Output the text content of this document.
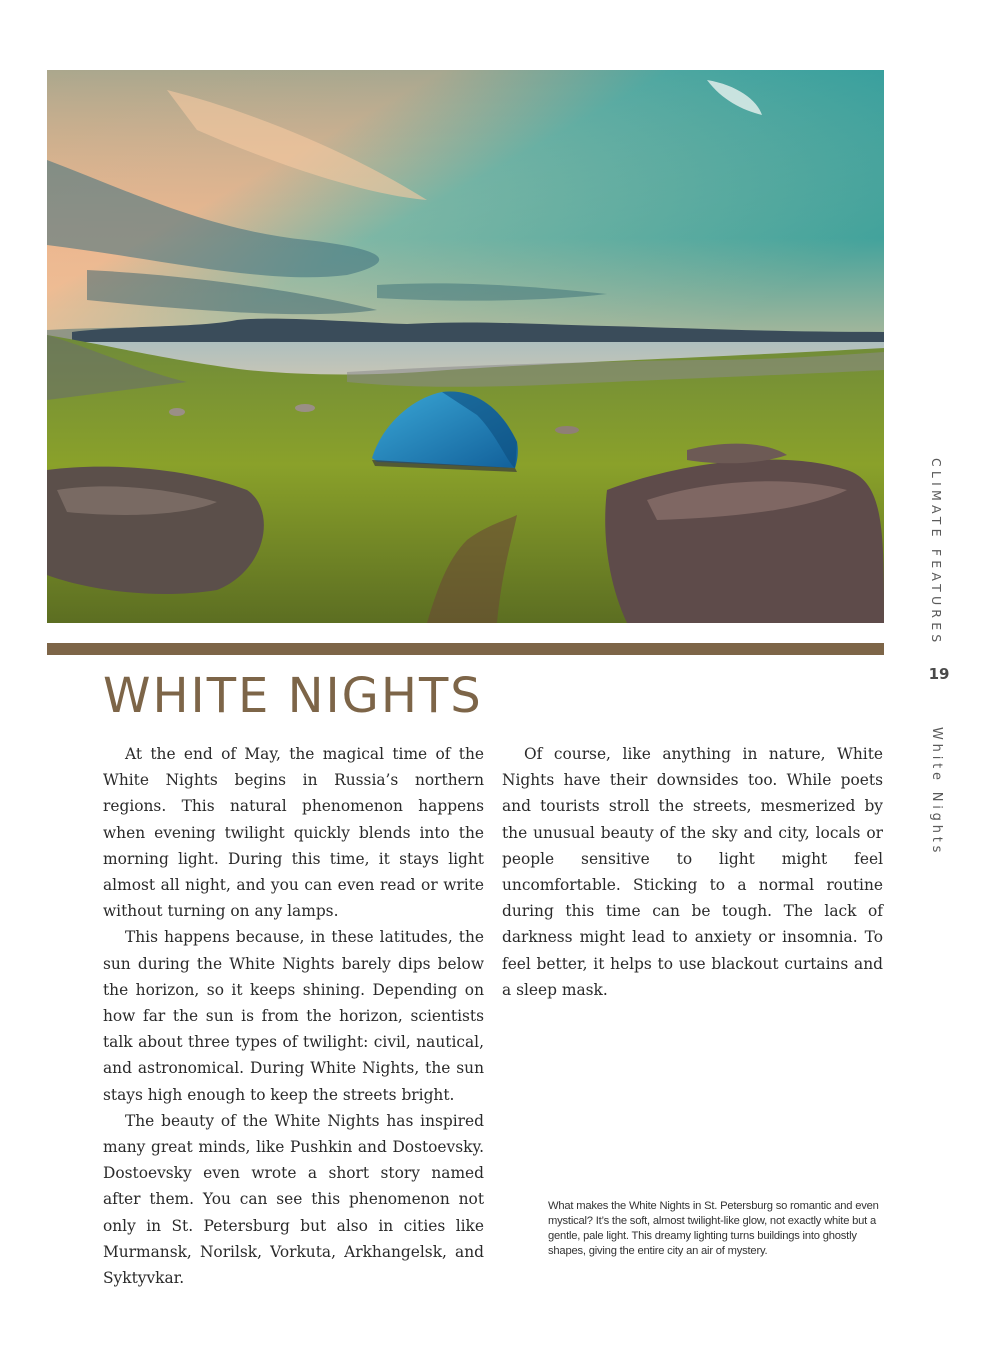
WHITE NIGHTS

At the end of May, the magical time of the White Nights begins in Russia’s northern regions. This natural phenomenon happens when evening twilight quickly blends into the morning light. During this time, it stays light almost all night, and you can even read or write without turning on any lamps.

This happens because, in these latitudes, the sun during the White Nights barely dips below the horizon, so it keeps shining. Depending on how far the sun is from the horizon, scientists talk about three types of twilight: civil, nautical, and astronomical. During White Nights, the sun stays high enough to keep the streets bright.

The beauty of the White Nights has inspired many great minds, like Pushkin and Dostoevsky. Dostoevsky even wrote a short story named after them. You can see this phenomenon not only in St. Petersburg but also in cities like Murmansk, Norilsk, Vorkuta, Arkhangelsk, and Syktyvkar.

Of course, like anything in nature, White Nights have their downsides too. While poets and tourists stroll the streets, mesmerized by the unusual beauty of the sky and city, locals or people sensitive to light might feel uncomfortable. Sticking to a normal routine during this time can be tough. The lack of darkness might lead to anxiety or insomnia. To feel better, it helps to use blackout curtains and a sleep mask.

What makes the White Nights in St. Petersburg so romantic and even mystical? It’s the soft, almost twilight-like glow, not exactly white but a gentle, pale light. This dreamy lighting turns buildings into ghostly shapes, giving the entire city an air of mystery.

CLIMATE FEATURES
19
White Nights
